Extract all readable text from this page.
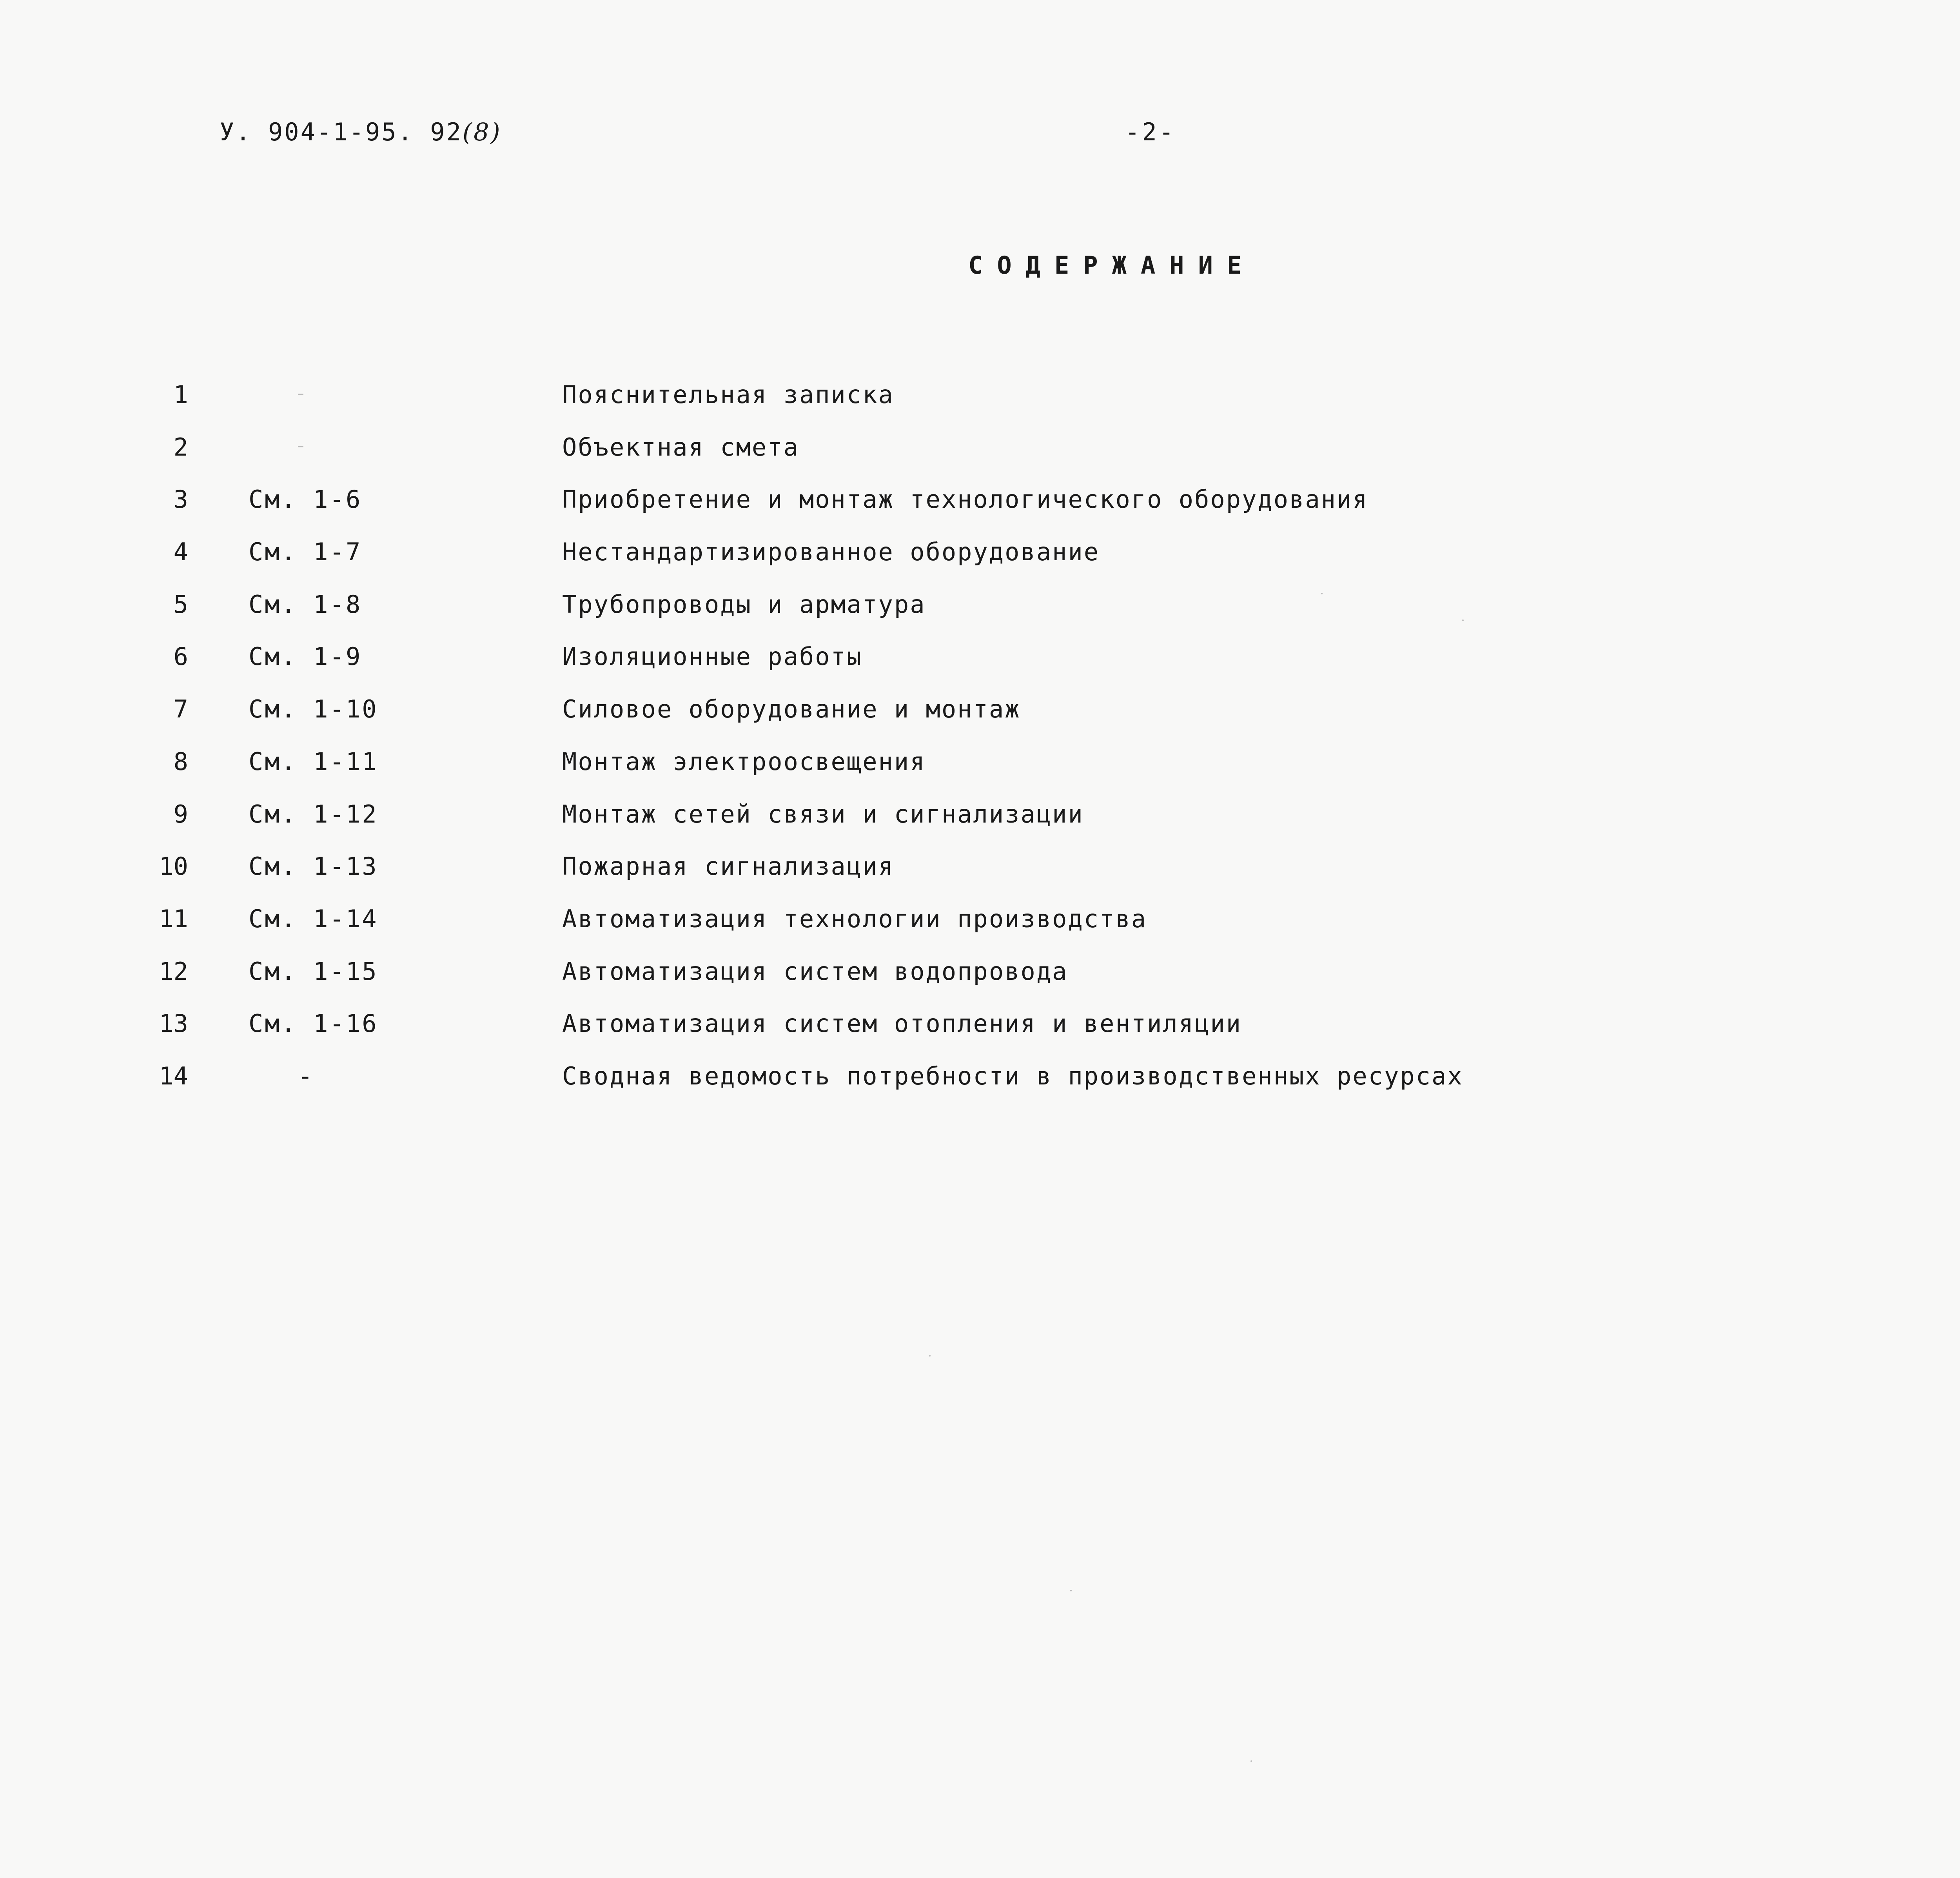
У. 904-1-95. 92(8)	-2-
СОДЕРЖАНИЕ
1	Пояснительная записка
2	Объектная смета
3 См. 1-6	Приобретение и монтаж технологического оборудования
4 См. 1-7	Нестандартизированное оборудование
5 См. 1-8	Трубопроводы и арматура
6 См. 1-9	Изоляционные работы
7 См. 1-10	Силовое оборудование и монтаж
8 См. 1-11	Монтаж электроосвещения
9 См. 1-12	Монтаж сетей связи и сигнализации
10 См. 1-13	Пожарная сигнализация
11 См. 1-14	Автоматизация технологии производства
12 См. 1-15	Автоматизация систем водопровода
13 См. 1-16	Автоматизация систем отопления и вентиляции
14	-	Сводная ведомость потребности в производственных ресурсах
